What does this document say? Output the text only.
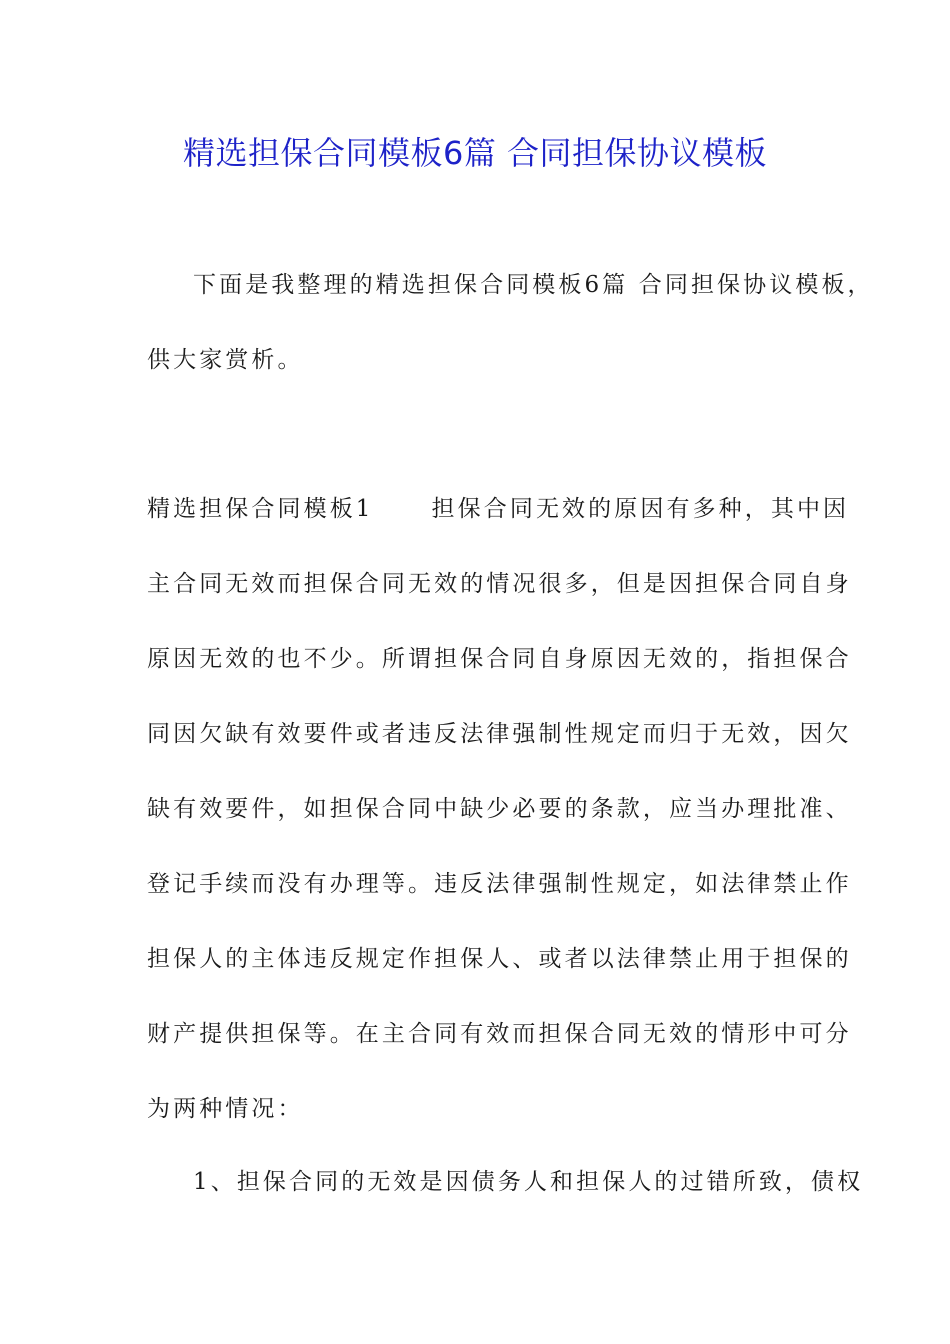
精选担保合同模板6篇 合同担保协议模板
下面是我整理的精选担保合同模板6篇 合同担保协议模板，
供大家赏析。
精选担保合同模板1	担保合同无效的原因有多种，其中因
主合同无效而担保合同无效的情况很多，但是因担保合同自身
原因无效的也不少。所谓担保合同自身原因无效的，指担保合
同因欠缺有效要件或者违反法律强制性规定而归于无效，因欠
缺有效要件，如担保合同中缺少必要的条款，应当办理批准、
登记手续而没有办理等。违反法律强制性规定，如法律禁止作
担保人的主体违反规定作担保人、或者以法律禁止用于担保的
财产提供担保等。在主合同有效而担保合同无效的情形中可分
为两种情况：
1、担保合同的无效是因债务人和担保人的过错所致，债权
